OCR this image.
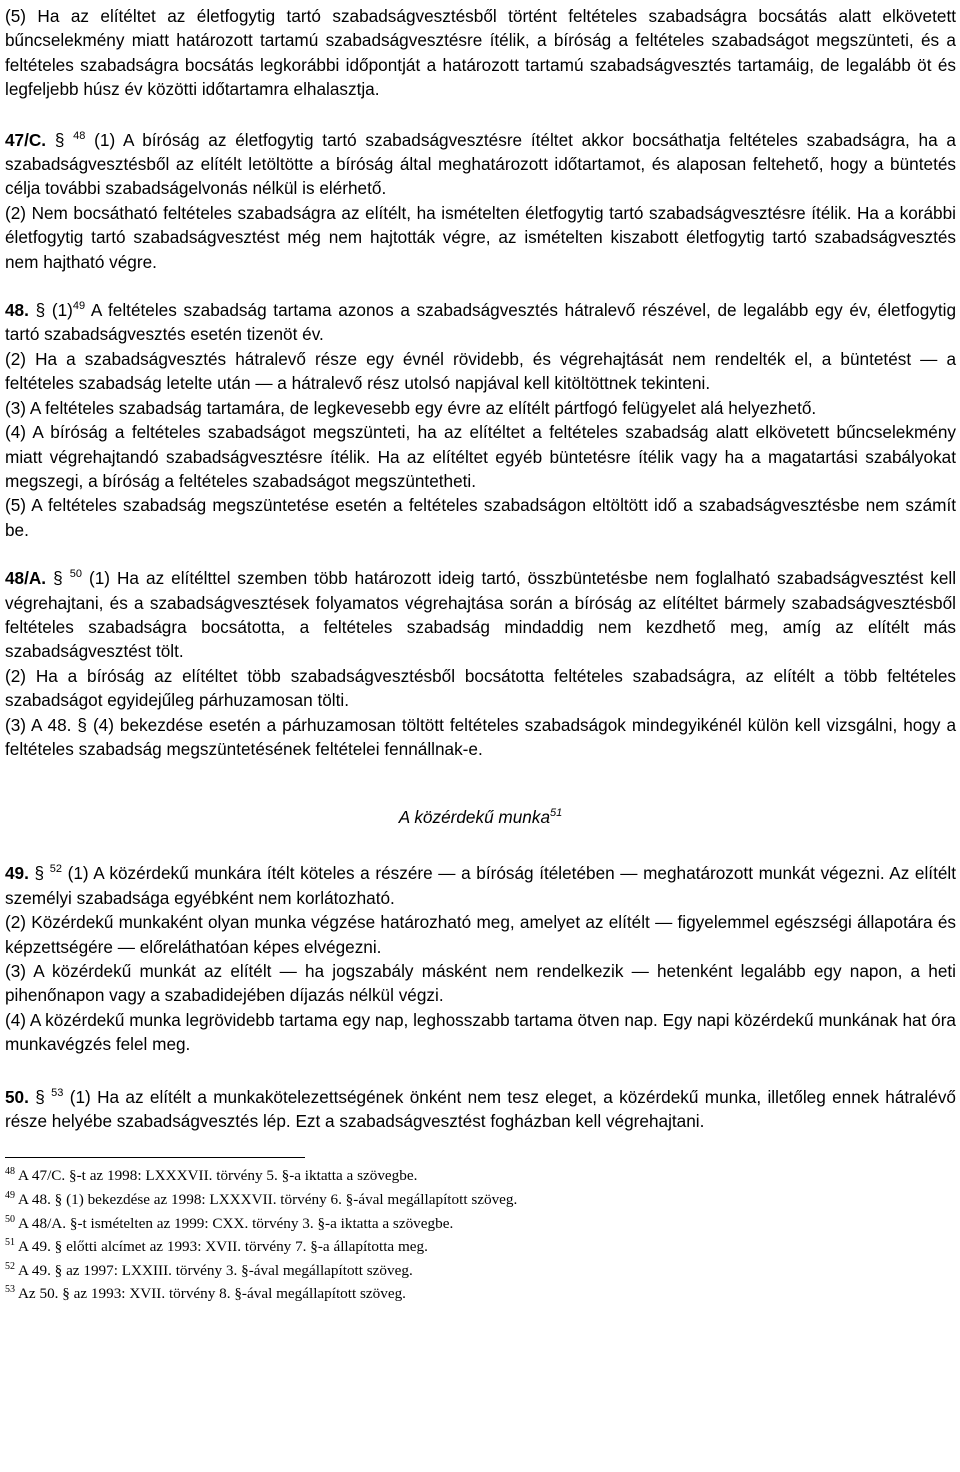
(5) Ha az elítéltet az életfogytig tartó szabadságvesztésből történt feltételes szabadságra bocsátás alatt elkövetett bűncselekmény miatt határozott tartamú szabadságvesztésre ítélik, a bíróság a feltételes szabadságot megszünteti, és a feltételes szabadságra bocsátás legkorábbi időpontját a határozott tartamú szabadságvesztés tartamáig, de legalább öt és legfeljebb húsz év közötti időtartamra elhalasztja.

47/C. § $^{48}$ (1) A bíróság az életfogytig tartó szabadságvesztésre ítéltet akkor bocsáthatja feltételes szabadságra, ha a szabadságvesztésből az elítélt letöltötte a bíróság által meghatározott időtartamot, és alaposan feltehető, hogy a büntetés célja további szabadságelvonás nélkül is elérhető.

(2) Nem bocsátható feltételes szabadságra az elítélt, ha ismételten életfogytig tartó szabadságvesztésre ítélik. Ha a korábbi életfogytig tartó szabadságvesztést még nem hajtották végre, az ismételten kiszabott életfogytig tartó szabadságvesztés nem hajtható végre.

48. § $(1)^{49}$ A feltételes szabadság tartama azonos a szabadságvesztés hátralevő részével, de legalább egy év, életfogytig tartó szabadságvesztés esetén tizenöt év.

(2) Ha a szabadságvesztés hátralevő része egy évnél rövidebb, és végrehajtását nem rendelték el, a büntetést — a feltételes szabadság letelte után — a hátralevő rész utolsó napjával kell kitöltöttnek tekinteni.

(3) A feltételes szabadság tartamára, de legkevesebb egy évre az elítélt pártfogó felügyelet alá helyezhető.

(4) A bíróság a feltételes szabadságot megszünteti, ha az elítéltet a feltételes szabadság alatt elkövetett bűncselekmény miatt végrehajtandó szabadságvesztésre ítélik. Ha az elítéltet egyéb büntetésre ítélik vagy ha a magatartási szabályokat megszegi, a bíróság a feltételes szabadságot megszüntetheti.

(5) A feltételes szabadság megszüntetése esetén a feltételes szabadságon eltöltött idő a szabadságvesztésbe nem számít be.

48/A. § $^{50}$ (1) Ha az elítélttel szemben több határozott ideig tartó, összbüntetésbe nem foglalható szabadságvesztést kell végrehajtani, és a szabadságvesztések folyamatos végrehajtása során a bíróság az elítéltet bármely szabadságvesztésből feltételes szabadságra bocsátotta, a feltételes szabadság mindaddig nem kezdhető meg, amíg az elítélt más szabadságvesztést tölt.

(2) Ha a bíróság az elítéltet több szabadságvesztésből bocsátotta feltételes szabadságra, az elítélt a több feltételes szabadságot egyidejűleg párhuzamosan tölti.

(3) A 48. § (4) bekezdése esetén a párhuzamosan töltött feltételes szabadságok mindegyikénél külön kell vizsgálni, hogy a feltételes szabadság megszüntetésének feltételei fennállnak-e.

A közérdekű munka$^{51}$

49. § $^{52}$ (1) A közérdekű munkára ítélt köteles a részére — a bíróság ítéletében — meghatározott munkát végezni. Az elítélt személyi szabadsága egyébként nem korlátozható.

(2) Közérdekű munkaként olyan munka végzése határozható meg, amelyet az elítélt — figyelemmel egészségi állapotára és képzettségére — előreláthatóan képes elvégezni.

(3) A közérdekű munkát az elítélt — ha jogszabály másként nem rendelkezik — hetenként legalább egy napon, a heti pihenőnapon vagy a szabadidejében díjazás nélkül végzi.

(4) A közérdekű munka legrövidebb tartama egy nap, leghosszabb tartama ötven nap. Egy napi közérdekű munkának hat óra munkavégzés felel meg.

50. § $^{53}$ (1) Ha az elítélt a munkakötelezettségének önként nem tesz eleget, a közérdekű munka, illetőleg ennek hátralévő része helyébe szabadságvesztés lép. Ezt a szabadságvesztést fogházban kell végrehajtani.

$^{48}$ A 47/C. §-t az 1998: LXXXVII. törvény 5. §-a iktatta a szövegbe.

$^{49}$ A 48. § (1) bekezdése az 1998: LXXXVII. törvény 6. §-ával megállapított szöveg.

$^{50}$ A 48/A. §-t ismételten az 1999: CXX. törvény 3. §-a iktatta a szövegbe.

$^{51}$ A 49. § előtti alcímet az 1993: XVII. törvény 7. §-a állapította meg.

$^{52}$ A 49. § az 1997: LXXIII. törvény 3. §-ával megállapított szöveg.

$^{53}$ Az 50. § az 1993: XVII. törvény 8. §-ával megállapított szöveg.
